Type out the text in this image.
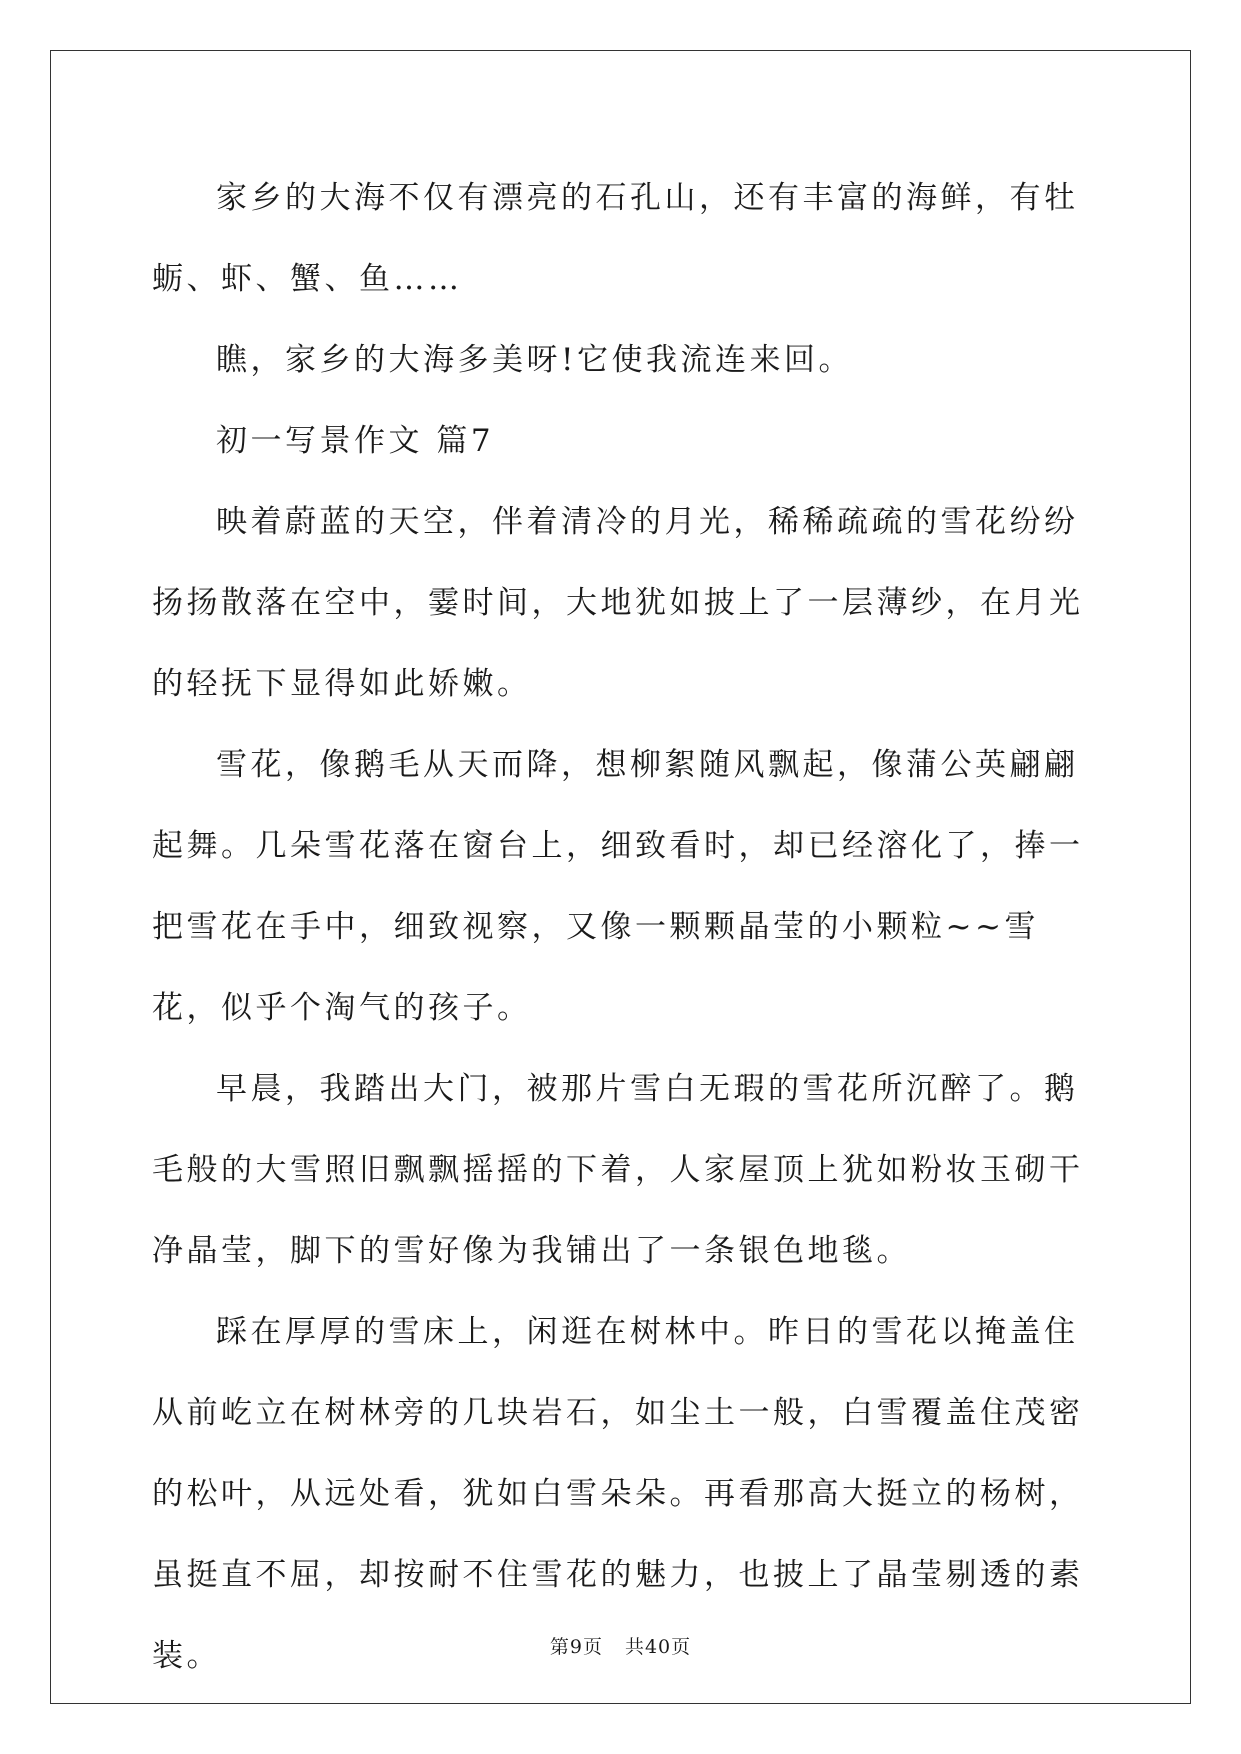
家乡的大海不仅有漂亮的石孔山，还有丰富的海鲜，有牡蛎、虾、蟹、鱼……

瞧，家乡的大海多美呀!它使我流连来回。

初一写景作文 篇7

映着蔚蓝的天空，伴着清冷的月光，稀稀疏疏的雪花纷纷扬扬散落在空中，霎时间，大地犹如披上了一层薄纱，在月光的轻抚下显得如此娇嫩。

雪花，像鹅毛从天而降，想柳絮随风飘起，像蒲公英翩翩起舞。几朵雪花落在窗台上，细致看时，却已经溶化了，捧一把雪花在手中，细致视察，又像一颗颗晶莹的小颗粒~~雪花，似乎个淘气的孩子。

早晨，我踏出大门，被那片雪白无瑕的雪花所沉醉了。鹅毛般的大雪照旧飘飘摇摇的下着，人家屋顶上犹如粉妆玉砌干净晶莹，脚下的雪好像为我铺出了一条银色地毯。

踩在厚厚的雪床上，闲逛在树林中。昨日的雪花以掩盖住从前屹立在树林旁的几块岩石，如尘土一般，白雪覆盖住茂密的松叶，从远处看，犹如白雪朵朵。再看那高大挺立的杨树，虽挺直不屈，却按耐不住雪花的魅力，也披上了晶莹剔透的素装。	第9页 共40页
